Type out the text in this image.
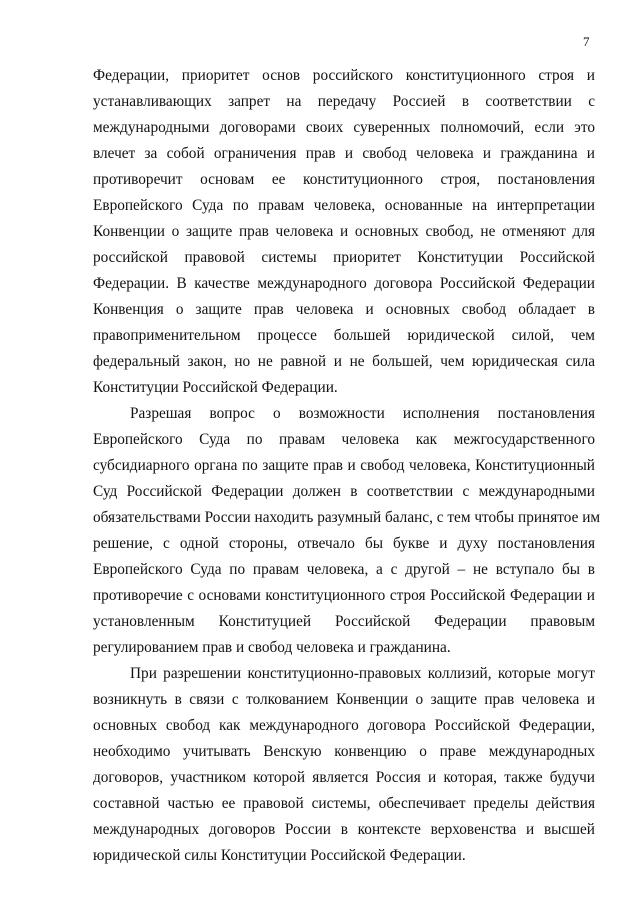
7
Федерации, приоритет основ российского конституционного строя и
устанавливающих запрет на передачу Россией в соответствии с
международными договорами своих суверенных полномочий, если это
влечет за собой ограничения прав и свобод человека и гражданина и
противоречит основам ее конституционного строя, постановления
Европейского Суда по правам человека, основанные на интерпретации
Конвенции о защите прав человека и основных свобод, не отменяют для
российской правовой системы приоритет Конституции Российской
Федерации. В качестве международного договора Российской Федерации
Конвенция о защите прав человека и основных свобод обладает в
правоприменительном процессе большей юридической силой, чем
федеральный закон, но не равной и не большей, чем юридическая сила
Конституции Российской Федерации.
Разрешая вопрос о возможности исполнения постановления
Европейского Суда по правам человека как межгосударственного
субсидиарного органа по защите прав и свобод человека, Конституционный
Суд Российской Федерации должен в соответствии с международными
обязательствами России находить разумный баланс, с тем чтобы принятое им
решение, с одной стороны, отвечало бы букве и духу постановления
Европейского Суда по правам человека, а с другой – не вступало бы в
противоречие с основами конституционного строя Российской Федерации и
установленным Конституцией Российской Федерации правовым
регулированием прав и свобод человека и гражданина.
При разрешении конституционно-правовых коллизий, которые могут
возникнуть в связи с толкованием Конвенции о защите прав человека и
основных свобод как международного договора Российской Федерации,
необходимо учитывать Венскую конвенцию о праве международных
договоров, участником которой является Россия и которая, также будучи
составной частью ее правовой системы, обеспечивает пределы действия
международных договоров России в контексте верховенства и высшей
юридической силы Конституции Российской Федерации.
